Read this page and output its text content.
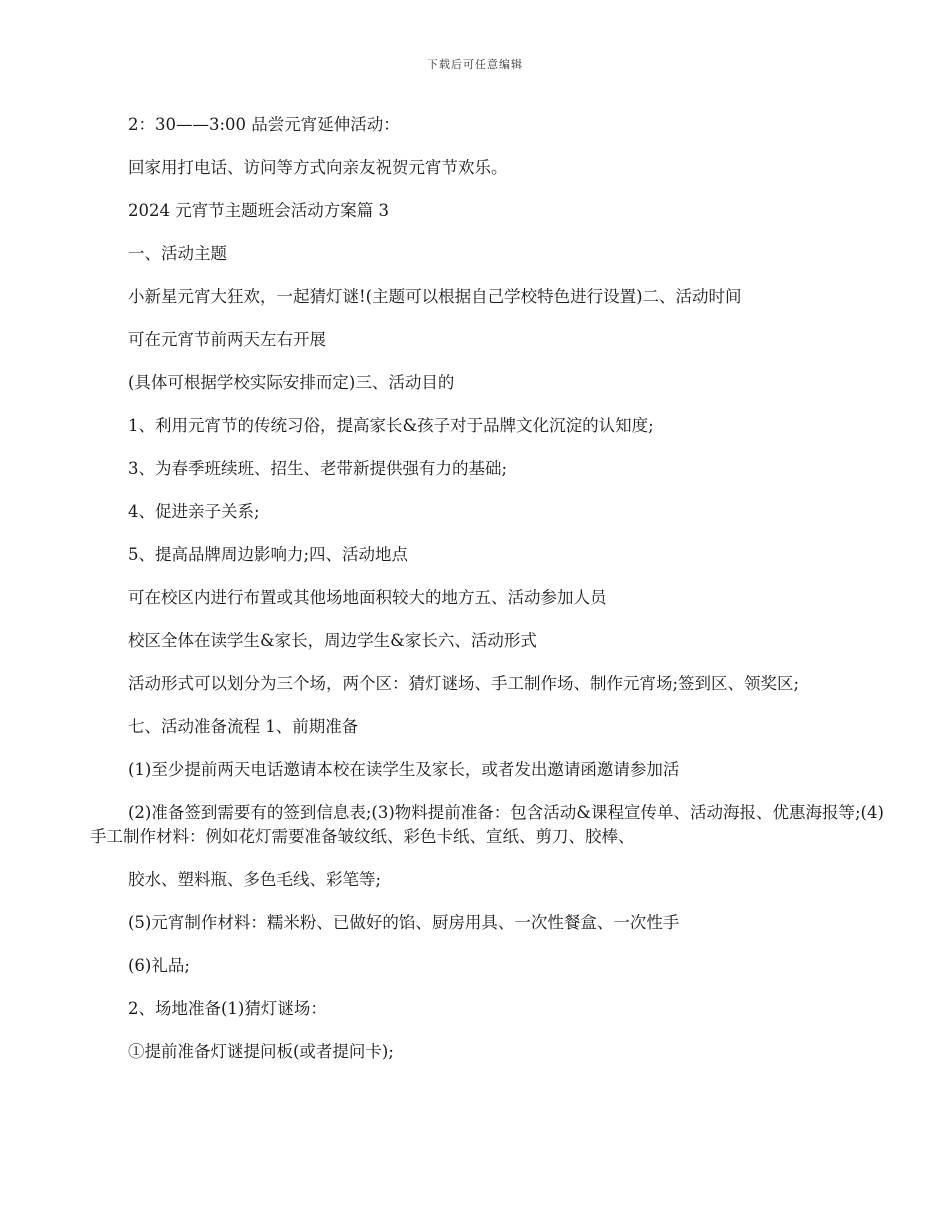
下载后可任意编辑

2：30——3:00 品尝元宵延伸活动：

回家用打电话、访问等方式向亲友祝贺元宵节欢乐。

2024 元宵节主题班会活动方案篇 3

一、活动主题

小新星元宵大狂欢，一起猜灯谜!(主题可以根据自己学校特色进行设置)二、活动时间

可在元宵节前两天左右开展

(具体可根据学校实际安排而定)三、活动目的

1、利用元宵节的传统习俗，提高家长&孩子对于品牌文化沉淀的认知度;

3、为春季班续班、招生、老带新提供强有力的基础;

4、促进亲子关系;

5、提高品牌周边影响力;四、活动地点

可在校区内进行布置或其他场地面积较大的地方五、活动参加人员

校区全体在读学生&家长，周边学生&家长六、活动形式

活动形式可以划分为三个场，两个区：猜灯谜场、手工制作场、制作元宵场;签到区、领奖区;

七、活动准备流程 1、前期准备

(1)至少提前两天电话邀请本校在读学生及家长，或者发出邀请函邀请参加活

(2)准备签到需要有的签到信息表;(3)物料提前准备：包含活动&课程宣传单、活动海报、优惠海报等;(4)手工制作材料：例如花灯需要准备皱纹纸、彩色卡纸、宣纸、剪刀、胶棒、

胶水、塑料瓶、多色毛线、彩笔等;

(5)元宵制作材料：糯米粉、已做好的馅、厨房用具、一次性餐盒、一次性手

(6)礼品;

2、场地准备(1)猜灯谜场：

①提前准备灯谜提问板(或者提问卡);
